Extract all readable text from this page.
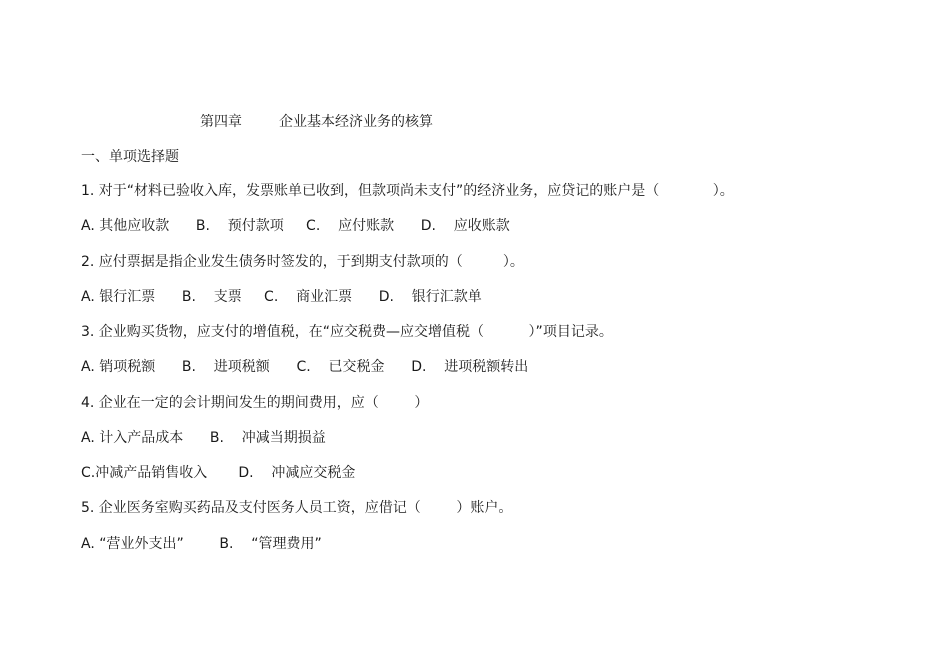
第四章	企业基本经济业务的核算
一、单项选择题
1. 对于“材料已验收入库，发票账单已收到，但款项尚未支付”的经济业务，应贷记的账户是（            ）。
A. 其他应收款      B.    预付款项     C.    应付账款      D.    应收账款
2. 应付票据是指企业发生债务时签发的，于到期支付款项的（         ）。
A. 银行汇票      B.    支票     C.    商业汇票      D.    银行汇款单
3. 企业购买货物，应支付的增值税，在“应交税费—应交增值税（          ）”项目记录。
A. 销项税额      B.    进项税额      C.    已交税金      D.    进项税额转出
4. 企业在一定的会计期间发生的期间费用，应（        ）
A. 计入产品成本      B.    冲减当期损益
C.冲减产品销售收入       D.    冲减应交税金
5. 企业医务室购买药品及支付医务人员工资，应借记（        ）账户。
A. “营业外支出”        B.    “管理费用”
